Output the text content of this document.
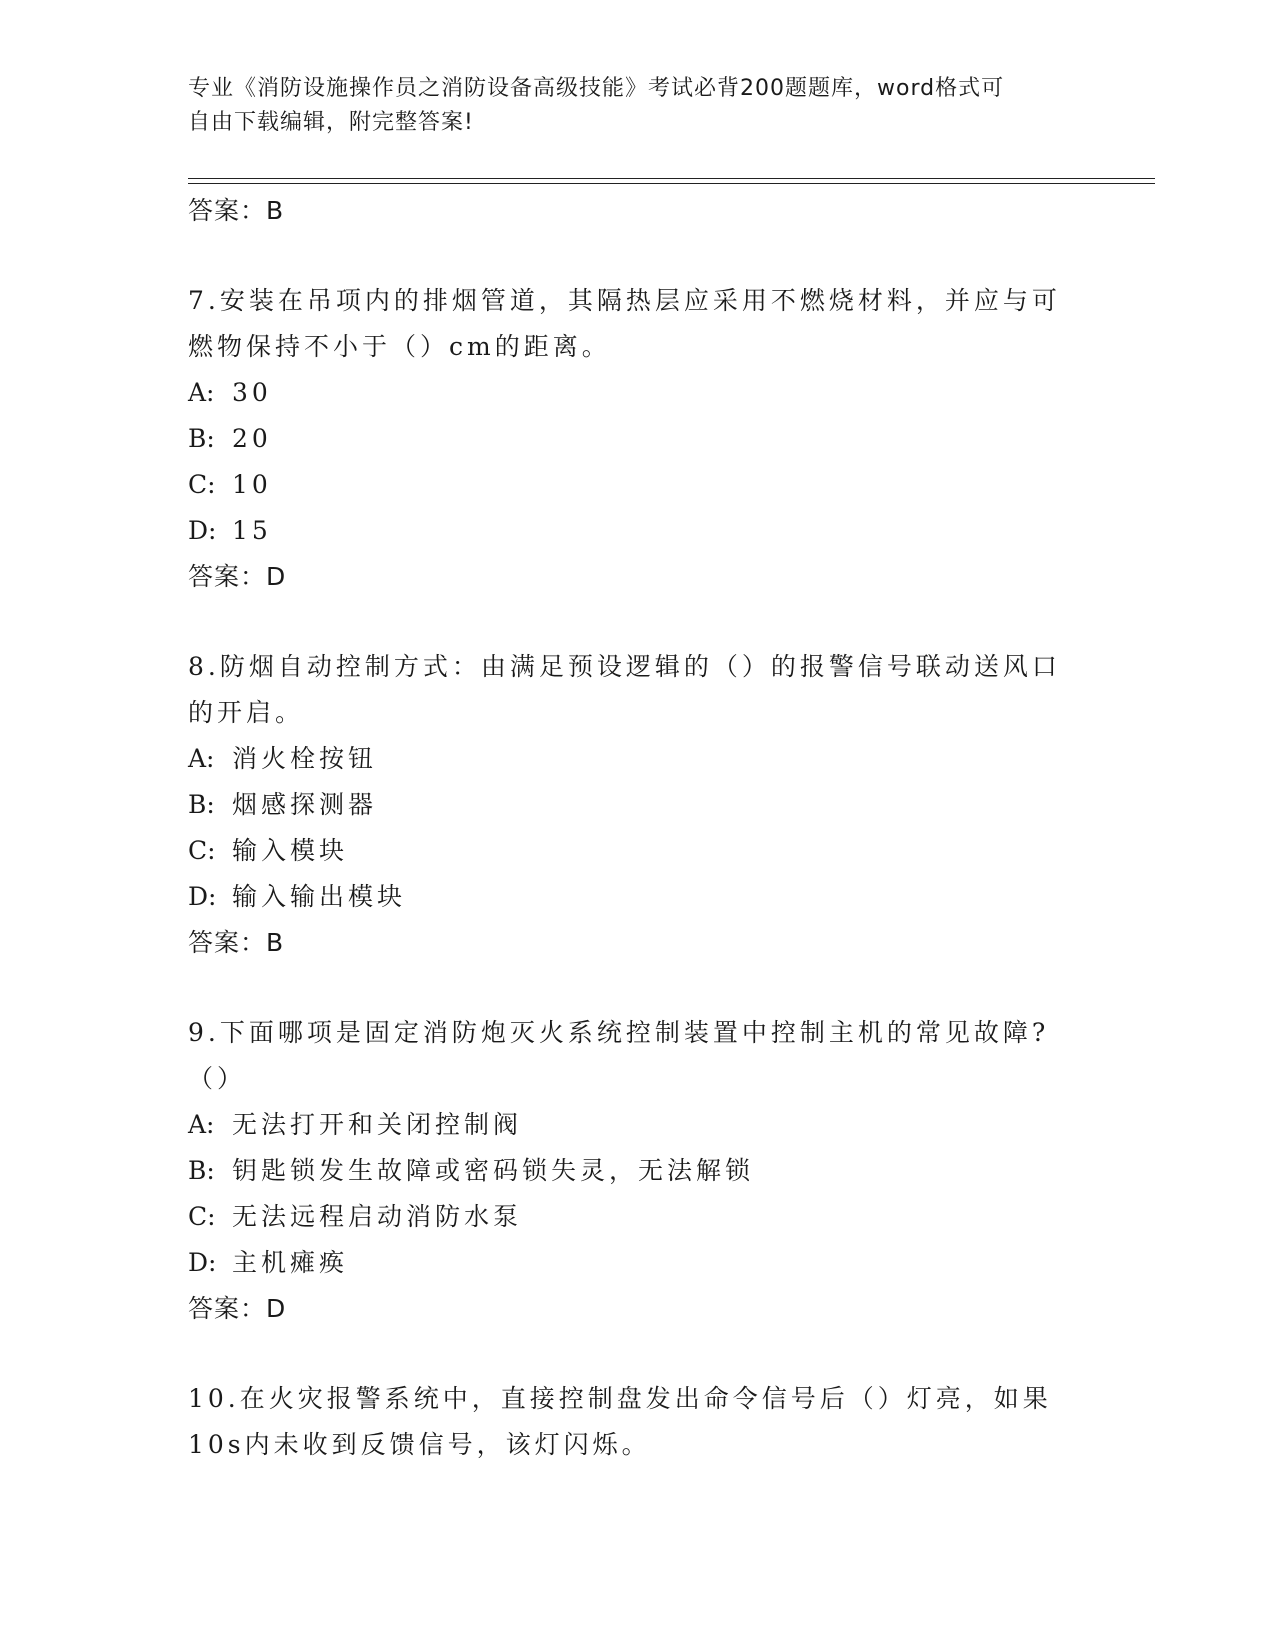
专业《消防设施操作员之消防设备高级技能》考试必背200题题库，word格式可
自由下载编辑，附完整答案!
答案：B
7.安装在吊项内的排烟管道，其隔热层应采用不燃烧材料，并应与可
燃物保持不小于（）cm的距离。
A: 30
B: 20
C: 10
D: 15
答案：D
8.防烟自动控制方式：由满足预设逻辑的（）的报警信号联动送风口
的开启。
A: 消火栓按钮
B: 烟感探测器
C: 输入模块
D: 输入输出模块
答案：B
9.下面哪项是固定消防炮灭火系统控制装置中控制主机的常见故障?
（）
A: 无法打开和关闭控制阀
B: 钥匙锁发生故障或密码锁失灵，无法解锁
C: 无法远程启动消防水泵
D: 主机瘫痪
答案：D
10.在火灾报警系统中，直接控制盘发出命令信号后（）灯亮，如果
10s内未收到反馈信号，该灯闪烁。
